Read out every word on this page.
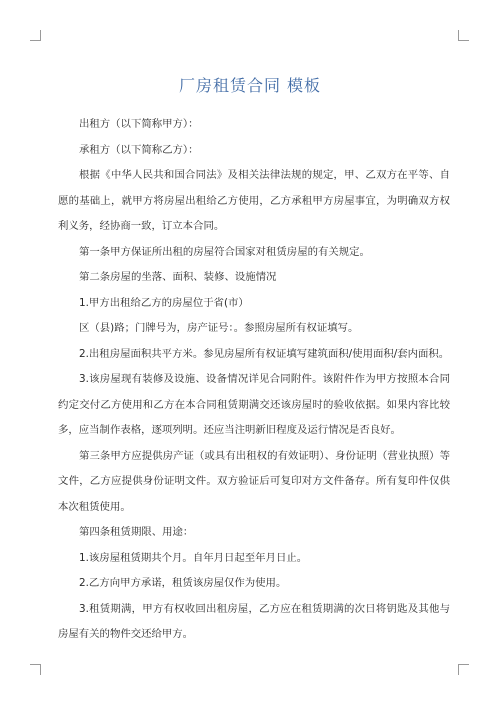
厂房租赁合同 模板

出租方（以下简称甲方）：

承租方（以下简称乙方）：

根据《中华人民共和国合同法》及相关法律法规的规定，甲、乙双方在平等、自愿的基础上，就甲方将房屋出租给乙方使用，乙方承租甲方房屋事宜，为明确双方权利义务，经协商一致，订立本合同。

第一条甲方保证所出租的房屋符合国家对租赁房屋的有关规定。

第二条房屋的坐落、面积、装修、设施情况

1.甲方出租给乙方的房屋位于省(市）

区（县)路；门牌号为，房产证号：。参照房屋所有权证填写。

2.出租房屋面积共平方米。参见房屋所有权证填写建筑面积/使用面积/套内面积。

3.该房屋现有装修及设施、设备情况详见合同附件。该附件作为甲方按照本合同约定交付乙方使用和乙方在本合同租赁期满交还该房屋时的验收依据。如果内容比较多，应当制作表格，逐项列明。还应当注明新旧程度及运行情况是否良好。

第三条甲方应提供房产证（或具有出租权的有效证明）、身份证明（营业执照）等文件，乙方应提供身份证明文件。双方验证后可复印对方文件备存。所有复印件仅供本次租赁使用。

第四条租赁期限、用途：

1.该房屋租赁期共个月。自年月日起至年月日止。

2.乙方向甲方承诺，租赁该房屋仅作为使用。

3.租赁期满，甲方有权收回出租房屋，乙方应在租赁期满的次日将钥匙及其他与房屋有关的物件交还给甲方。
